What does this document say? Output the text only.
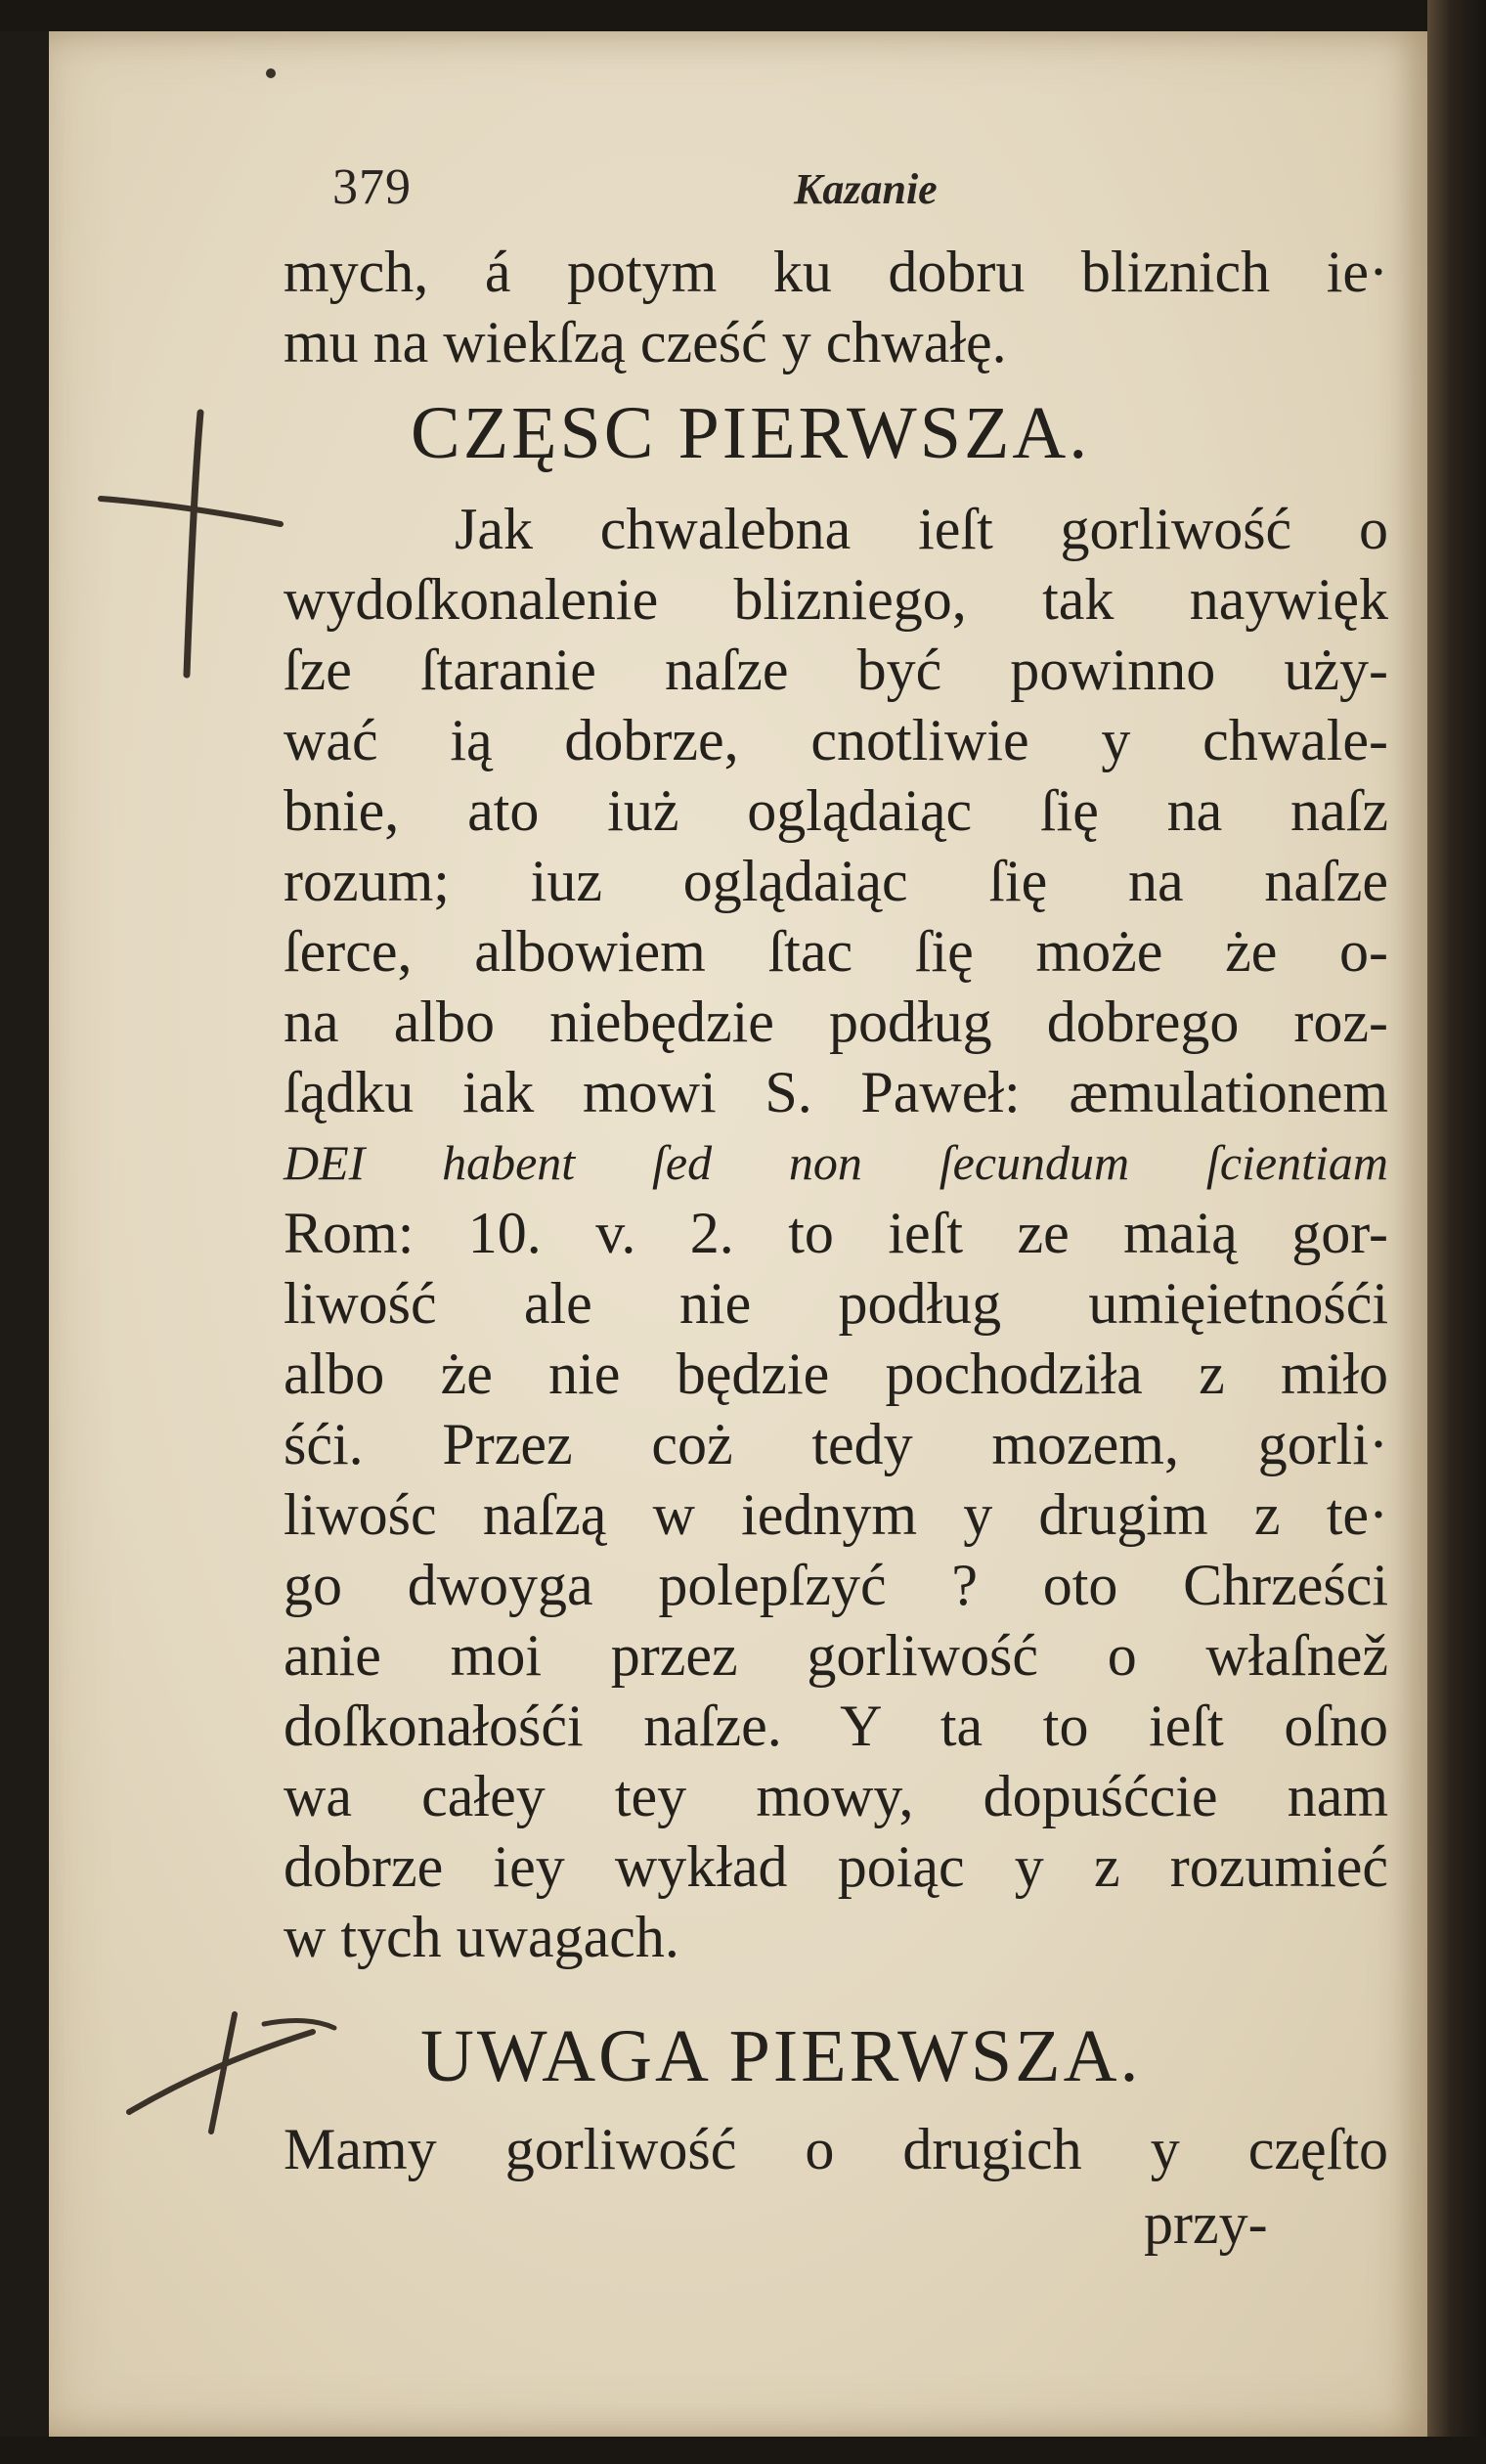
379	Kazanie
mych, á potym ku dobru bliznich ie·
mu na wiekſzą cześć y chwałę.
CZĘSC PIERWSZA.
Jak chwalebna ieſt gorliwość o
wydoſkonalenie blizniego, tak naywięk
ſze ſtaranie naſze być powinno uży-
wać ią dobrze, cnotliwie y chwale-
bnie, ato iuż oglądaiąc ſię na naſz
rozum; iuz oglądaiąc ſię na naſze
ſerce, albowiem ſtac ſię może że o-
na albo niebędzie podług dobrego roz-
ſądku iak mowi S. Paweł: æmulationem
DEI habent ſed non ſecundum ſcientiam
Rom: 10. v. 2. to ieſt ze maią gor-
liwość ale nie podług umięietnośći
albo że nie będzie pochodziła z miło
śći. Przez coż tedy mozem, gorli·
liwośc naſzą w iednym y drugim z te·
go dwoyga polepſzyć ? oto Chrześci
anie moi przez gorliwość o właſnež
doſkonałośći naſze. Y ta to ieſt oſno
wa całey tey mowy, dopuśćcie nam
dobrze iey wykład poiąc y z rozumieć
w tych uwagach.
UWAGA PIERWSZA.
Mamy gorliwość o drugich y częſto
przy-
